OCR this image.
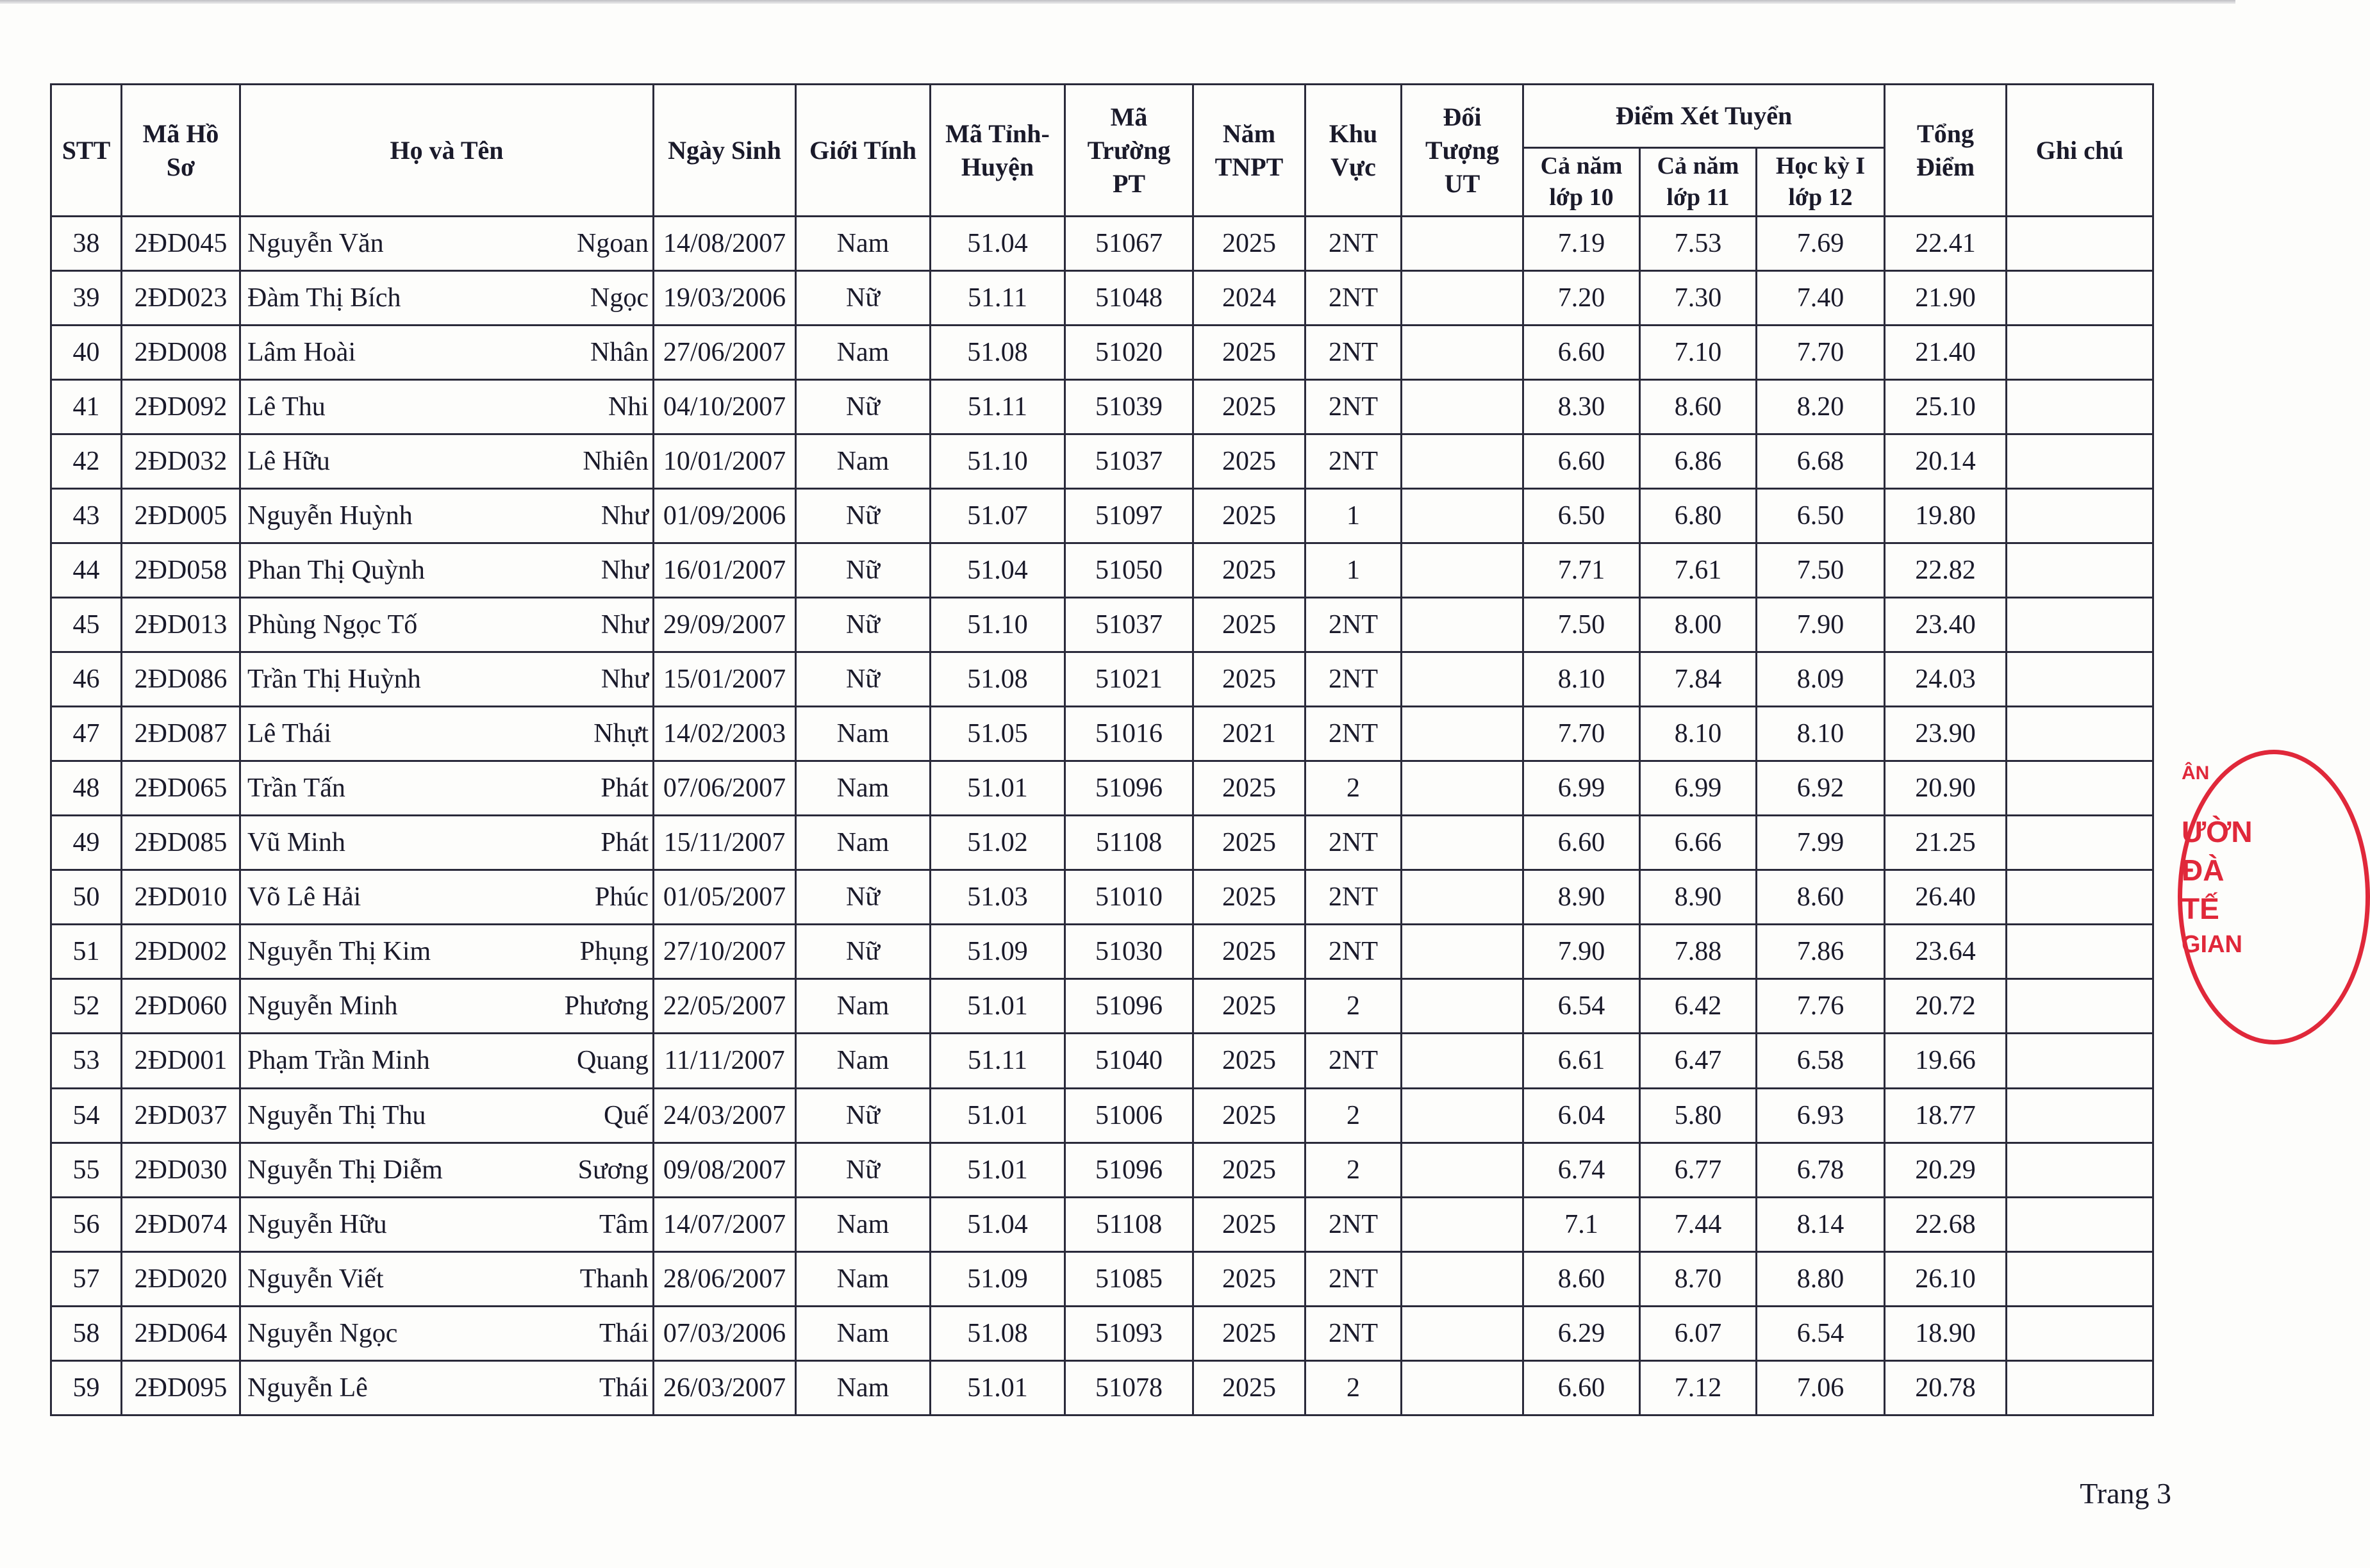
STT	Mã Hồ Sơ	Họ và Tên	Ngày Sinh	Giới Tính	Mã Tỉnh-Huyện	Mã Trường PT	Năm TNPT	Khu Vực	Đối Tượng UT	Điểm Xét Tuyển			Tổng Điểm	Ghi chú
										Cả năm lớp 10	Cả năm lớp 11	Học kỳ I lớp 12		
38	2ĐD045	Nguyễn Văn Ngoan	14/08/2007	Nam	51.04	51067	2025	2NT		7.19	7.53	7.69	22.41	
39	2ĐD023	Đàm Thị Bích Ngọc	19/03/2006	Nữ	51.11	51048	2024	2NT		7.20	7.30	7.40	21.90	
40	2ĐD008	Lâm Hoài Nhân	27/06/2007	Nam	51.08	51020	2025	2NT		6.60	7.10	7.70	21.40	
41	2ĐD092	Lê Thu Nhi	04/10/2007	Nữ	51.11	51039	2025	2NT		8.30	8.60	8.20	25.10	
42	2ĐD032	Lê Hữu Nhiên	10/01/2007	Nam	51.10	51037	2025	2NT		6.60	6.86	6.68	20.14	
43	2ĐD005	Nguyễn Huỳnh Như	01/09/2006	Nữ	51.07	51097	2025	1		6.50	6.80	6.50	19.80	
44	2ĐD058	Phan Thị Quỳnh Như	16/01/2007	Nữ	51.04	51050	2025	1		7.71	7.61	7.50	22.82	
45	2ĐD013	Phùng Ngọc Tố Như	29/09/2007	Nữ	51.10	51037	2025	2NT		7.50	8.00	7.90	23.40	
46	2ĐD086	Trần Thị Huỳnh Như	15/01/2007	Nữ	51.08	51021	2025	2NT		8.10	7.84	8.09	24.03	
47	2ĐD087	Lê Thái Nhựt	14/02/2003	Nam	51.05	51016	2021	2NT		7.70	8.10	8.10	23.90	
48	2ĐD065	Trần Tấn Phát	07/06/2007	Nam	51.01	51096	2025	2		6.99	6.99	6.92	20.90	
49	2ĐD085	Vũ Minh Phát	15/11/2007	Nam	51.02	51108	2025	2NT		6.60	6.66	7.99	21.25	
50	2ĐD010	Võ Lê Hải Phúc	01/05/2007	Nữ	51.03	51010	2025	2NT		8.90	8.90	8.60	26.40	
51	2ĐD002	Nguyễn Thị Kim Phụng	27/10/2007	Nữ	51.09	51030	2025	2NT		7.90	7.88	7.86	23.64	
52	2ĐD060	Nguyễn Minh Phương	22/05/2007	Nam	51.01	51096	2025	2		6.54	6.42	7.76	20.72	
53	2ĐD001	Phạm Trần Minh Quang	11/11/2007	Nam	51.11	51040	2025	2NT		6.61	6.47	6.58	19.66	
54	2ĐD037	Nguyễn Thị Thu Quế	24/03/2007	Nữ	51.01	51006	2025	2		6.04	5.80	6.93	18.77	
55	2ĐD030	Nguyễn Thị Diễm Sương	09/08/2007	Nữ	51.01	51096	2025	2		6.74	6.77	6.78	20.29	
56	2ĐD074	Nguyễn Hữu Tâm	14/07/2007	Nam	51.04	51108	2025	2NT		7.1	7.44	8.14	22.68	
57	2ĐD020	Nguyễn Viết Thanh	28/06/2007	Nam	51.09	51085	2025	2NT		8.60	8.70	8.80	26.10	
58	2ĐD064	Nguyễn Ngọc Thái	07/03/2006	Nam	51.08	51093	2025	2NT		6.29	6.07	6.54	18.90	
59	2ĐD095	Nguyễn Lê Thái	26/03/2007	Nam	51.01	51078	2025	2		6.60	7.12	7.06	20.78	
Trang 3
ÂN
ƯỜN
ĐÀ
TẾ
GIAN
